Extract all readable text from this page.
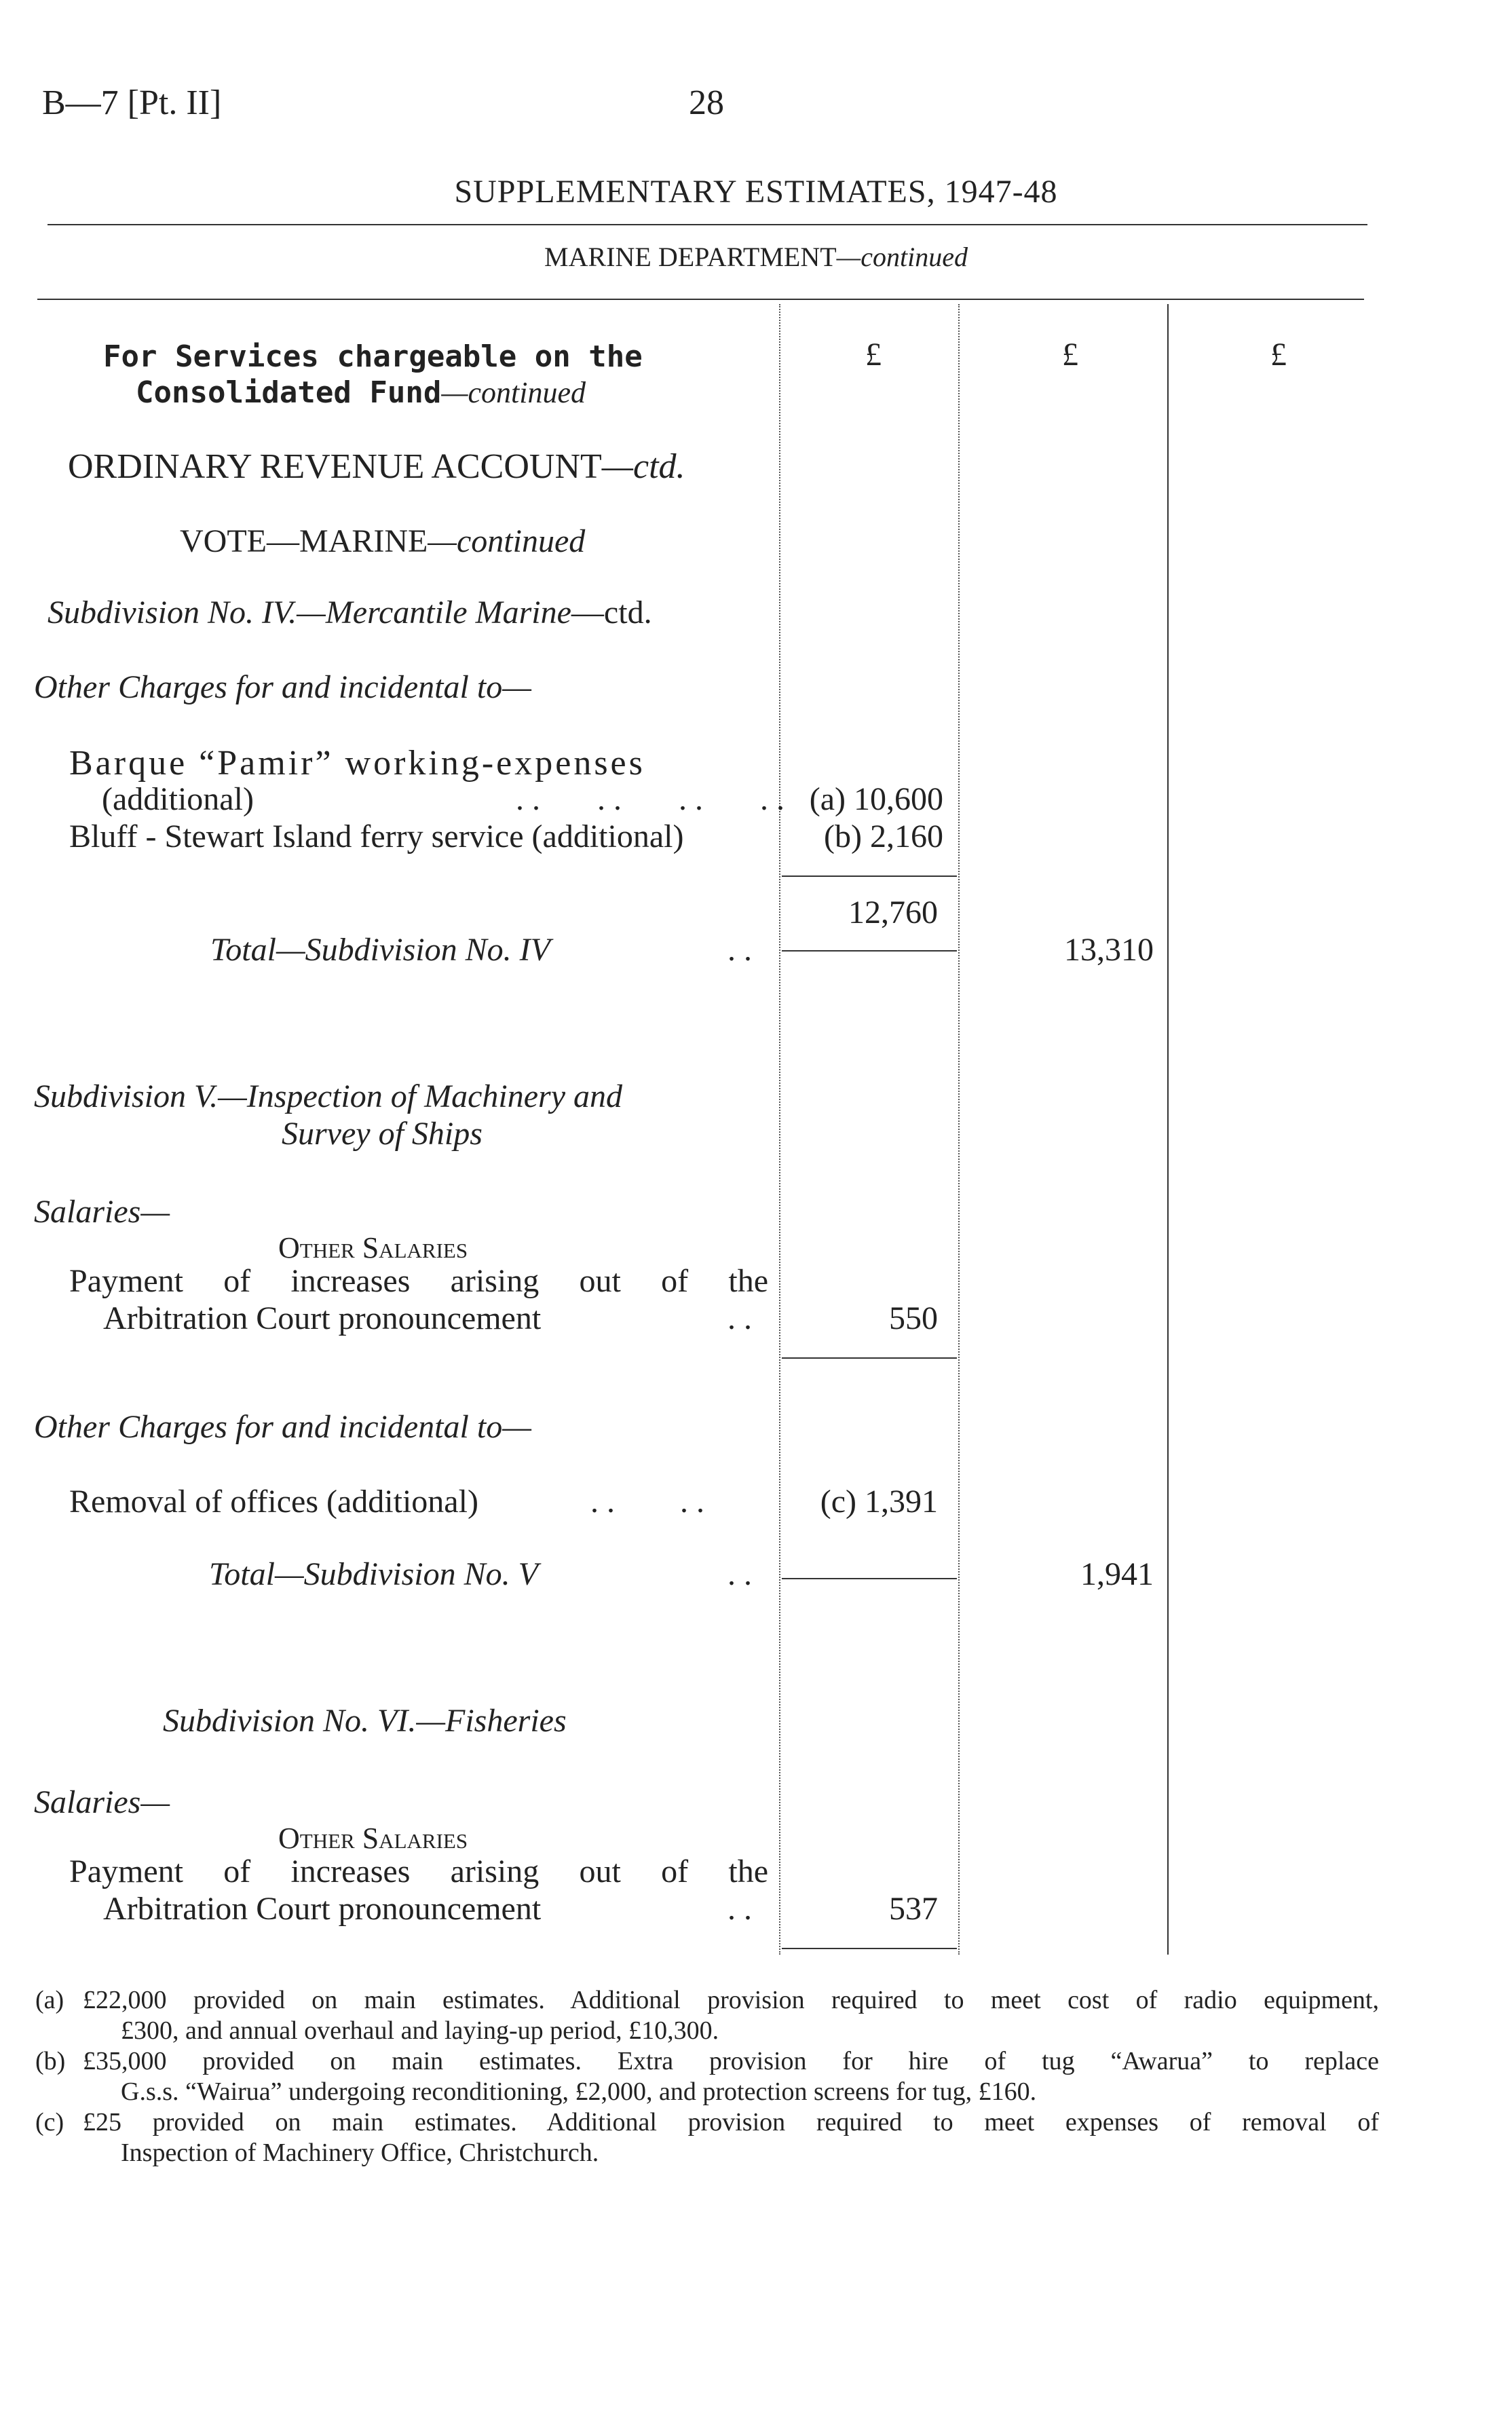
B—7 [Pt. II]	28
SUPPLEMENTARY ESTIMATES, 1947-48
MARINE DEPARTMENT—continued
£	£	£
For Services chargeable on the
Consolidated Fund—continued
ORDINARY REVENUE ACCOUNT—ctd.
VOTE—MARINE—continued
Subdivision No. IV.—Mercantile Marine—ctd.
Other Charges for and incidental to—
Barque “Pamir” working-expenses
(additional)	. .       . .       . .       . . (a) 10,600
Bluff - Stewart Island ferry service (additional)	(b) 2,160
12,760
Total—Subdivision No. IV	. .	13,310
Subdivision V.—Inspection of Machinery and
Survey of Ships
Salaries—
Other Salaries
Payment of increases arising out of the
Arbitration Court pronouncement	. .	550
Other Charges for and incidental to—
Removal of offices (additional)	. .        . .	(c) 1,391
Total—Subdivision No. V	. .	1,941
Subdivision No. VI.—Fisheries
Salaries—
Other Salaries
Payment of increases arising out of the
Arbitration Court pronouncement	. .	537
(a) £22,000 provided on main estimates. Additional provision required to meet cost of radio equipment,
£300, and annual overhaul and laying-up period, £10,300.
(b) £35,000 provided on main estimates. Extra provision for hire of tug “Awarua” to replace
G.s.s. “Wairua” undergoing reconditioning, £2,000, and protection screens for tug, £160.
(c) £25 provided on main estimates. Additional provision required to meet expenses of removal of
Inspection of Machinery Office, Christchurch.
